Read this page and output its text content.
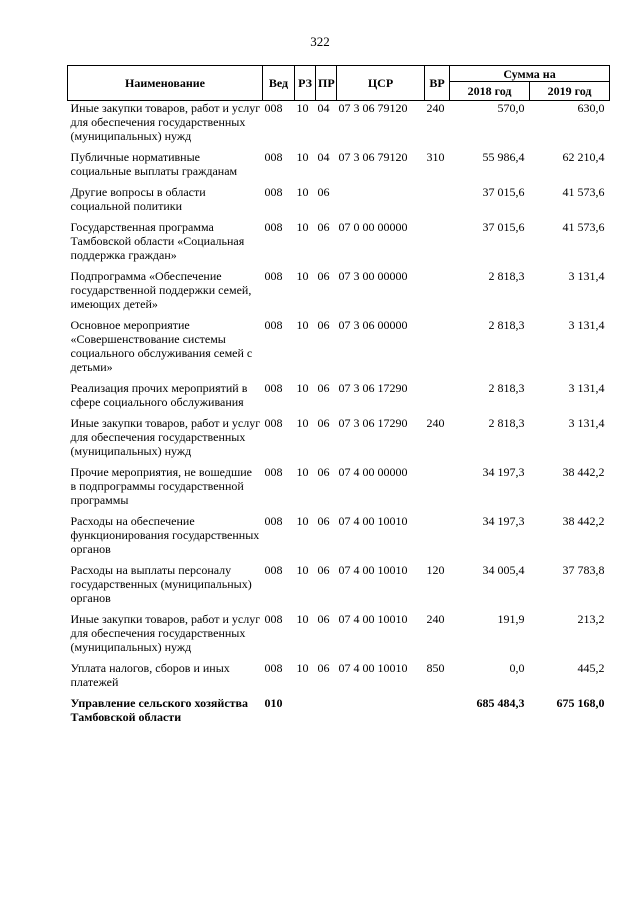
322
Наименование	Вед	РЗ	ПР	ЦСР	ВР	Сумма на	
						2018 год	2019 год
Иные закупки товаров, работ и услуг для обеспечения государственных (муниципальных) нужд	008	10	04	07 3 06 79120	240	570,0	630,0

Публичные нормативные социальные выплаты гражданам	008	10	04	07 3 06 79120	310	55 986,4	62 210,4

Другие вопросы в области социальной политики	008	10	06			37 015,6	41 573,6

Государственная программа Тамбовской области «Социальная поддержка граждан»	008	10	06	07 0 00 00000		37 015,6	41 573,6

Подпрограмма «Обеспечение государственной поддержки семей, имеющих детей»	008	10	06	07 3 00 00000		2 818,3	3 131,4

Основное мероприятие «Совершенствование системы социального обслуживания семей с детьми»	008	10	06	07 3 06 00000		2 818,3	3 131,4

Реализация прочих мероприятий в сфере социального обслуживания	008	10	06	07 3 06 17290		2 818,3	3 131,4

Иные закупки товаров, работ и услуг для обеспечения государственных (муниципальных) нужд	008	10	06	07 3 06 17290	240	2 818,3	3 131,4

Прочие мероприятия, не вошедшие в подпрограммы государственной программы	008	10	06	07 4 00 00000		34 197,3	38 442,2

Расходы на обеспечение функционирования государственных органов	008	10	06	07 4 00 10010		34 197,3	38 442,2

Расходы на выплаты персоналу государственных (муниципальных) органов	008	10	06	07 4 00 10010	120	34 005,4	37 783,8

Иные закупки товаров, работ и услуг для обеспечения государственных (муниципальных) нужд	008	10	06	07 4 00 10010	240	191,9	213,2

Уплата налогов, сборов и иных платежей	008	10	06	07 4 00 10010	850	0,0	445,2

Управление сельского хозяйства Тамбовской области	010					685 484,3	675 168,0
